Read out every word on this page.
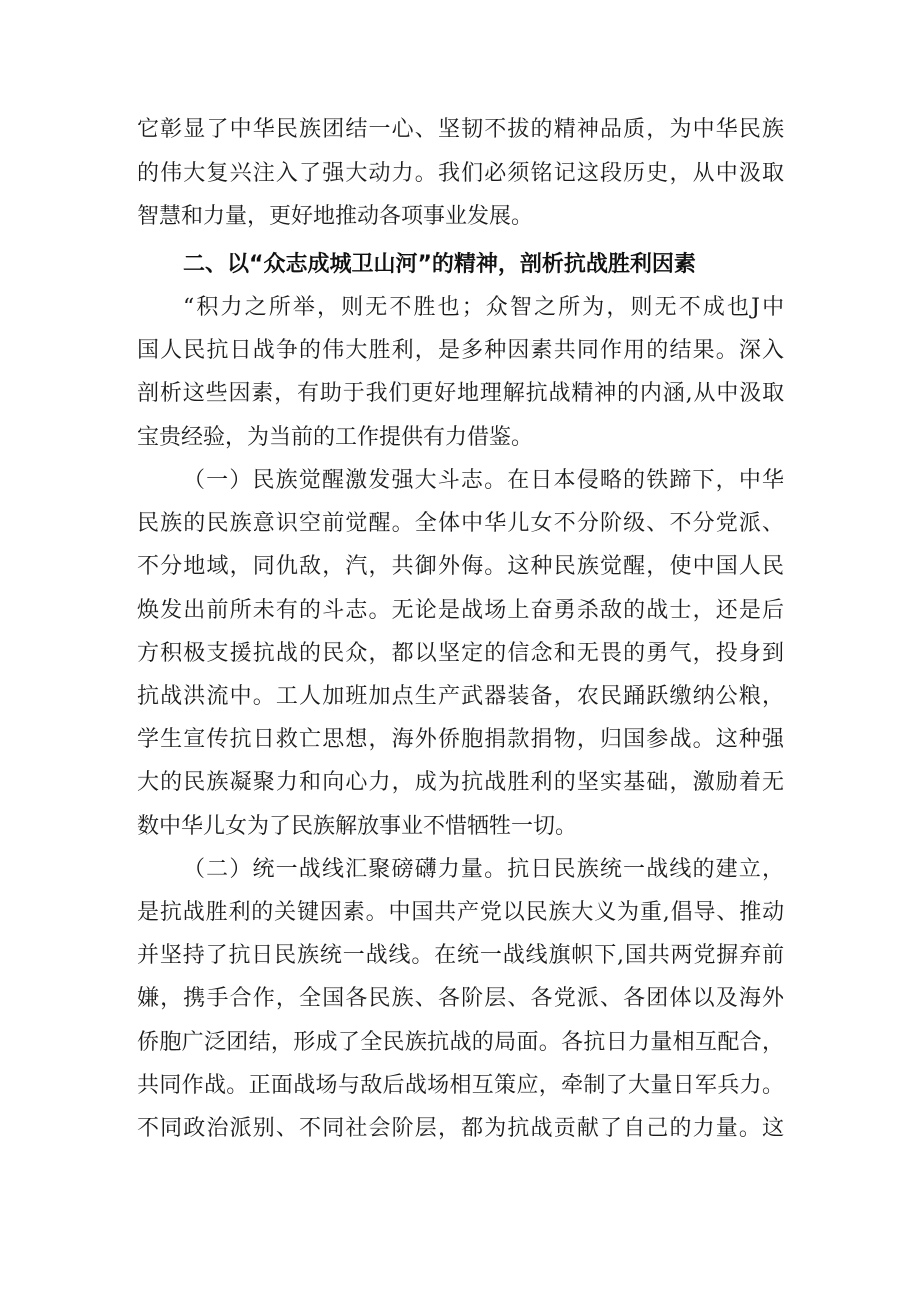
它彰显了中华民族团结一心、坚韧不拔的精神品质，为中华民族
的伟大复兴注入了强大动力。我们必须铭记这段历史，从中汲取
智慧和力量，更好地推动各项事业发展。
二、以“众志成城卫山河”的精神，剖析抗战胜利因素
“积力之所举，则无不胜也；众智之所为，则无不成也J中
国人民抗日战争的伟大胜利，是多种因素共同作用的结果。深入
剖析这些因素，有助于我们更好地理解抗战精神的内涵,从中汲取
宝贵经验，为当前的工作提供有力借鉴。
（一）民族觉醒激发强大斗志。在日本侵略的铁蹄下，中华
民族的民族意识空前觉醒。全体中华儿女不分阶级、不分党派、
不分地域，同仇敌，汽，共御外侮。这种民族觉醒，使中国人民
焕发出前所未有的斗志。无论是战场上奋勇杀敌的战士，还是后
方积极支援抗战的民众，都以坚定的信念和无畏的勇气，投身到
抗战洪流中。工人加班加点生产武器装备，农民踊跃缴纳公粮，
学生宣传抗日救亡思想，海外侨胞捐款捐物，归国参战。这种强
大的民族凝聚力和向心力，成为抗战胜利的坚实基础，激励着无
数中华儿女为了民族解放事业不惜牺牲一切。
（二）统一战线汇聚磅礴力量。抗日民族统一战线的建立，
是抗战胜利的关键因素。中国共产党以民族大义为重,倡导、推动
并坚持了抗日民族统一战线。在统一战线旗帜下,国共两党摒弃前
嫌，携手合作，全国各民族、各阶层、各党派、各团体以及海外
侨胞广泛团结，形成了全民族抗战的局面。各抗日力量相互配合，
共同作战。正面战场与敌后战场相互策应，牵制了大量日军兵力。
不同政治派别、不同社会阶层，都为抗战贡献了自己的力量。这
